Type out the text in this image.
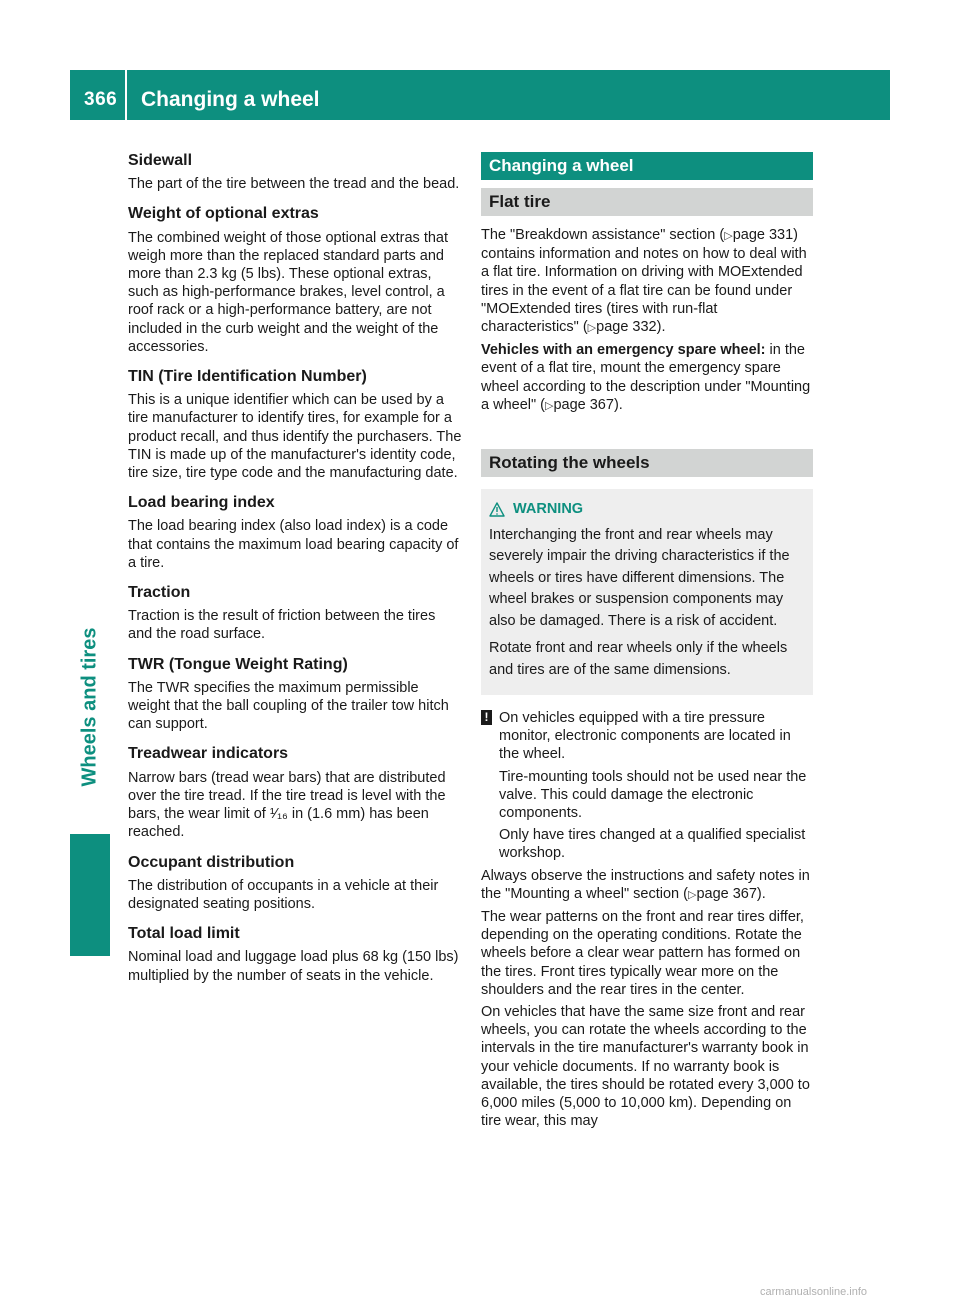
366 Changing a wheel
Wheels and tires
Sidewall

The part of the tire between the tread and the bead.

Weight of optional extras

The combined weight of those optional extras that weigh more than the replaced standard parts and more than 2.3 kg (5 lbs). These optional extras, such as high-performance brakes, level control, a roof rack or a high-performance battery, are not included in the curb weight and the weight of the accessories.

TIN (Tire Identification Number)

This is a unique identifier which can be used by a tire manufacturer to identify tires, for example for a product recall, and thus identify the purchasers. The TIN is made up of the manufacturer's identity code, tire size, tire type code and the manufacturing date.

Load bearing index

The load bearing index (also load index) is a code that contains the maximum load bearing capacity of a tire.

Traction

Traction is the result of friction between the tires and the road surface.

TWR (Tongue Weight Rating)

The TWR specifies the maximum permissible weight that the ball coupling of the trailer tow hitch can support.

Treadwear indicators

Narrow bars (tread wear bars) that are distributed over the tire tread. If the tire tread is level with the bars, the wear limit of ¹⁄₁₆ in (1.6 mm) has been reached.

Occupant distribution

The distribution of occupants in a vehicle at their designated seating positions.

Total load limit

Nominal load and luggage load plus 68 kg (150 lbs) multiplied by the number of seats in the vehicle.

Changing a wheel
Flat tire

The "Breakdown assistance" section (▷page 331) contains information and notes on how to deal with a flat tire. Information on driving with MOExtended tires in the event of a flat tire can be found under "MOExtended tires (tires with run-flat characteristics" (▷page 332).

Vehicles with an emergency spare wheel: in the event of a flat tire, mount the emergency spare wheel according to the description under "Mounting a wheel" (▷page 367).

Rotating the wheels
WARNING

Interchanging the front and rear wheels may severely impair the driving characteristics if the wheels or tires have different dimensions. The wheel brakes or suspension components may also be damaged. There is a risk of accident.

Rotate front and rear wheels only if the wheels and tires are of the same dimensions.

! On vehicles equipped with a tire pressure monitor, electronic components are located in the wheel.

Tire-mounting tools should not be used near the valve. This could damage the electronic components.

Only have tires changed at a qualified specialist workshop.

Always observe the instructions and safety notes in the "Mounting a wheel" section (▷page 367).

The wear patterns on the front and rear tires differ, depending on the operating conditions. Rotate the wheels before a clear wear pattern has formed on the tires. Front tires typically wear more on the shoulders and the rear tires in the center.

On vehicles that have the same size front and rear wheels, you can rotate the wheels according to the intervals in the tire manufacturer's warranty book in your vehicle documents. If no warranty book is available, the tires should be rotated every 3,000 to 6,000 miles (5,000 to 10,000 km). Depending on tire wear, this may

carmanualsonline.info
